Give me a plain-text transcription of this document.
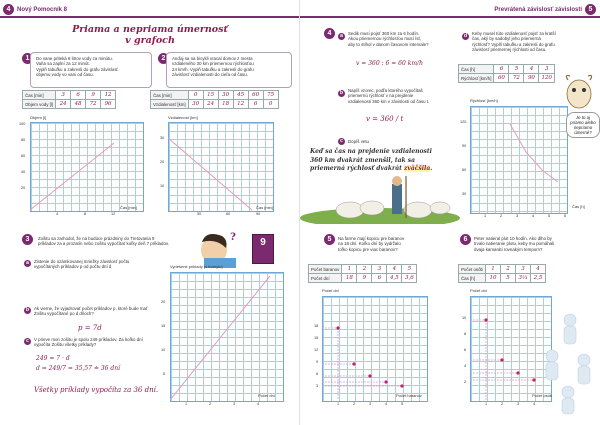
4	Nový Pomocník 8
Priama a nepriama úmernosť
v grafoch
1	Do vane priteká 8 litrov vody za minútu.
Vaňa sa zaplní za 12 minút.
Vyplň tabuľku a zakresli do grafu závislosť
objemu vody vo vani od času.
Čas [min]	3	6	9	12
Objem vody [l]	24	48	72	96
Objem [l]
100
80
60
40
20
4	8	12
Čas [min]
2	Anďaj sa na bicykli vracal domov z mesta
vzdialeného 30 km priemernou rýchlosťou
24 km/h. Vyplň tabuľku a zakresli do grafu
závislosť vzdialenosti do cieľa od času.
Čas [min]	0	15	30	45	60	75
Vzdialenosť [km]	30	24	18	12	6	0
Vzdialenosť [km]
30
20
10
30	60	90
Čas [min]
3	Zošitu sa zarhodol, že na budúce prázdniny do Tretovania 9
príkladov za a prozatín nebo zošitu vypočítať koľky deň 7 príkladov.
a	Zistenie do ozámkovanej mriežky závislosť počtu vypočítaných príkladov p od počtu dní d
b	Ak vieme, že vyjadrovať počet príkladov p, ktoré bude mať Zošitu vypočítané po d dňoch?
p = 7d
c	V prieve mon zošitu je spolu 249 príkladov. Za koľko dní vypočíta Zošitu všetky príklady?
249 = 7 · d
d = 249/7 = 35,57 ≐ 36 dní
Všetky príklady vypočíta za 36 dní.
?	9
Vyriešené príklady (s tromylu)
20
15
10
5
1	2	3	4
Počet dní
Prevrátená závislosť závislosti 5
4	a	Sedik musí pojsť 360 km za 6 hodín.
Akou priemernou rýchlosťou musí ísť,
aby to stihol v danom časovom intervale?
v = 360 : 6 = 60 km/h
b	Napíš vzorec, podľa ktorého vypočítaš
priemernú rýchlosť v na prejdenie
vzdialenosti 360 km v závislosti od času t.
v = 360 / t
c	Dopíš vetu
Keď sa čas na prejdenie vzdialenosti
360 km dvakrát zmenšil, tak sa
priemerná rýchlosť dvakrát zväčšila.
d	Keby musel túto vzdialenosť pojsť za kratší
čas, aký by sadobyl jeho priemerná
rýchlosť? Vyplň tabuľku a zakresli do grafu
závislosť priemernej rýchlosti od času.
Čas [h]	6	5	4	3
Rýchlosť [km/h]	60	72	90	120
Rýchlosť [km/h]
120
90
60
30
1	2	3	4	5	6
Čas [h]
Je to aj
priamo alebo
nepriamo
úmerné?
5	Na farme mají kopicu pre baranov
na 18 dní. Koľko dní by vydržalo
toľko kopicu pre viac baranov?
Počet baranov	1	2	3	4	5
Počet dní	18	9	6	4,5	3,6
Počet dní
18
15
12
9
6
3
1	2	3	4	5
Počet baranov
6	Peter natieral plot 10 hodín. Ako dlho by
trvalo natieranie plotu, keby mu pomáhali
dvaja kamaráti rovnakým tempom?
Počet osôb	1	2	3	4
Čas [h]	10	5	3⅓	2,5
Počet dní
10
8
6
4
2
1	2	3	4
Počet osôb
